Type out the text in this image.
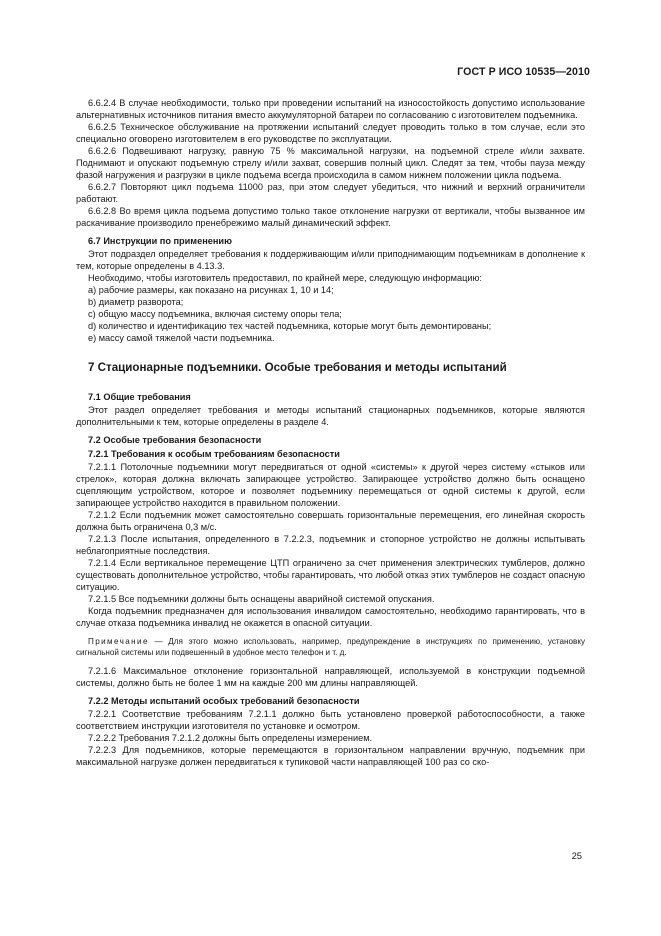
ГОСТ Р ИСО 10535—2010

6.6.2.4 В случае необходимости, только при проведении испытаний на износостойкость допустимо использование альтернативных источников питания вместо аккумуляторной батареи по согласованию с изготовителем подъемника.

6.6.2.5 Техническое обслуживание на протяжении испытаний следует проводить только в том случае, если это специально оговорено изготовителем в его руководстве по эксплуатации.

6.6.2.6 Подвешивают нагрузку, равную 75 % максимальной нагрузки, на подъемной стреле и/или захвате. Поднимают и опускают подъемную стрелу и/или захват, совершив полный цикл. Следят за тем, чтобы пауза между фазой нагружения и разгрузки в цикле подъема всегда происходила в самом нижнем положении цикла подъема.

6.6.2.7 Повторяют цикл подъема 11000 раз, при этом следует убедиться, что нижний и верхний ограничители работают.

6.6.2.8 Во время цикла подъема допустимо только такое отклонение нагрузки от вертикали, чтобы вызванное им раскачивание производило пренебрежимо малый динамический эффект.

6.7 Инструкции по применению

Этот подраздел определяет требования к поддерживающим и/или приподнимающим подъемникам в дополнение к тем, которые определены в 4.13.3.

Необходимо, чтобы изготовитель предоставил, по крайней мере, следующую информацию:

a) рабочие размеры, как показано на рисунках 1, 10 и 14;

b) диаметр разворота;

c) общую массу подъемника, включая систему опоры тела;

d) количество и идентификацию тех частей подъемника, которые могут быть демонтированы;

e) массу самой тяжелой части подъемника.

7 Стационарные подъемники. Особые требования и методы испытаний

7.1 Общие требования

Этот раздел определяет требования и методы испытаний стационарных подъемников, которые являются дополнительными к тем, которые определены в разделе 4.

7.2 Особые требования безопасности

7.2.1 Требования к особым требованиям безопасности

7.2.1.1 Потолочные подъемники могут передвигаться от одной «системы» к другой через систему «стыков или стрелок», которая должна включать запирающее устройство. Запирающее устройство должно быть оснащено сцепляющим устройством, которое и позволяет подъемнику перемещаться от одной системы к другой, если запирающее устройство находится в правильном положении.

7.2.1.2 Если подъемник может самостоятельно совершать горизонтальные перемещения, его линейная скорость должна быть ограничена 0,3 м/с.

7.2.1.3 После испытания, определенного в 7.2.2.3, подъемник и стопорное устройство не должны испытывать неблагоприятные последствия.

7.2.1.4 Если вертикальное перемещение ЦТП ограничено за счет применения электрических тумблеров, должно существовать дополнительное устройство, чтобы гарантировать, что любой отказ этих тумблеров не создаст опасную ситуацию.

7.2.1.5 Все подъемники должны быть оснащены аварийной системой опускания.

Когда подъемник предназначен для использования инвалидом самостоятельно, необходимо гарантировать, что в случае отказа подъемника инвалид не окажется в опасной ситуации.

Примечание — Для этого можно использовать, например, предупреждение в инструкциях по применению, установку сигнальной системы или подвешенный в удобное место телефон и т. д.

7.2.1.6 Максимальное отклонение горизонтальной направляющей, используемой в конструкции подъемной системы, должно быть не более 1 мм на каждые 200 мм длины направляющей.

7.2.2 Методы испытаний особых требований безопасности

7.2.2.1 Соответствие требованиям 7.2.1.1 должно быть установлено проверкой работоспособности, а также соответствием инструкции изготовителя по установке и осмотром.

7.2.2.2 Требования 7.2.1.2 должны быть определены измерением.

7.2.2.3 Для подъемников, которые перемещаются в горизонтальном направлении вручную, подъемник при максимальной нагрузке должен передвигаться к тупиковой части направляющей 100 раз со ско-

25
